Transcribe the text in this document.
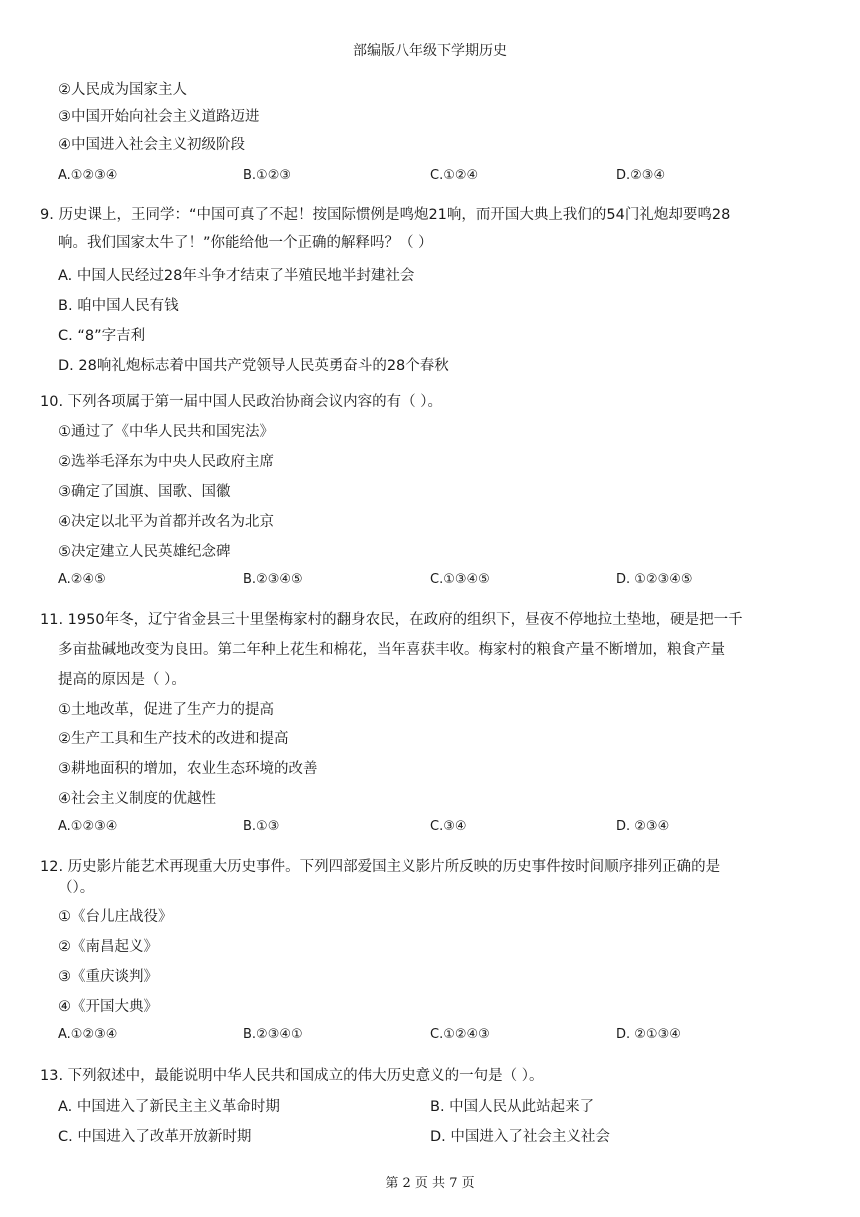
部编版八年级下学期历史
②人民成为国家主人
③中国开始向社会主义道路迈进
④中国进入社会主义初级阶段
A.①②③④	B.①②③	C.①②④	D.②③④
9. 历史课上，王同学：“中国可真了不起！按国际惯例是鸣炮21响，而开国大典上我们的54门礼炮却要鸣28
响。我们国家太牛了！”你能给他一个正确的解释吗？（ ）
A. 中国人民经过28年斗争才结束了半殖民地半封建社会
B. 咱中国人民有钱
C. “8”字吉利
D. 28响礼炮标志着中国共产党领导人民英勇奋斗的28个春秋
10. 下列各项属于第一届中国人民政治协商会议内容的有（ ）。
①通过了《中华人民共和国宪法》
②选举毛泽东为中央人民政府主席
③确定了国旗、国歌、国徽
④决定以北平为首都并改名为北京
⑤决定建立人民英雄纪念碑
A.②④⑤	B.②③④⑤	C.①③④⑤	D. ①②③④⑤
11. 1950年冬，辽宁省金县三十里堡梅家村的翻身农民，在政府的组织下，昼夜不停地拉土垫地，硬是把一千
多亩盐碱地改变为良田。第二年种上花生和棉花，当年喜获丰收。梅家村的粮食产量不断增加，粮食产量
提高的原因是（ ）。
①土地改革，促进了生产力的提高
②生产工具和生产技术的改进和提高
③耕地面积的增加，农业生态环境的改善
④社会主义制度的优越性
A.①②③④	B.①③	C.③④	D. ②③④
12. 历史影片能艺术再现重大历史事件。下列四部爱国主义影片所反映的历史事件按时间顺序排列正确的是
（）。
①《台儿庄战役》
②《南昌起义》
③《重庆谈判》
④《开国大典》
A.①②③④	B.②③④①	C.①②④③	D. ②①③④
13. 下列叙述中，最能说明中华人民共和国成立的伟大历史意义的一句是（ ）。
A. 中国进入了新民主主义革命时期	B. 中国人民从此站起来了
C. 中国进入了改革开放新时期	D. 中国进入了社会主义社会
第 2 页 共 7 页
